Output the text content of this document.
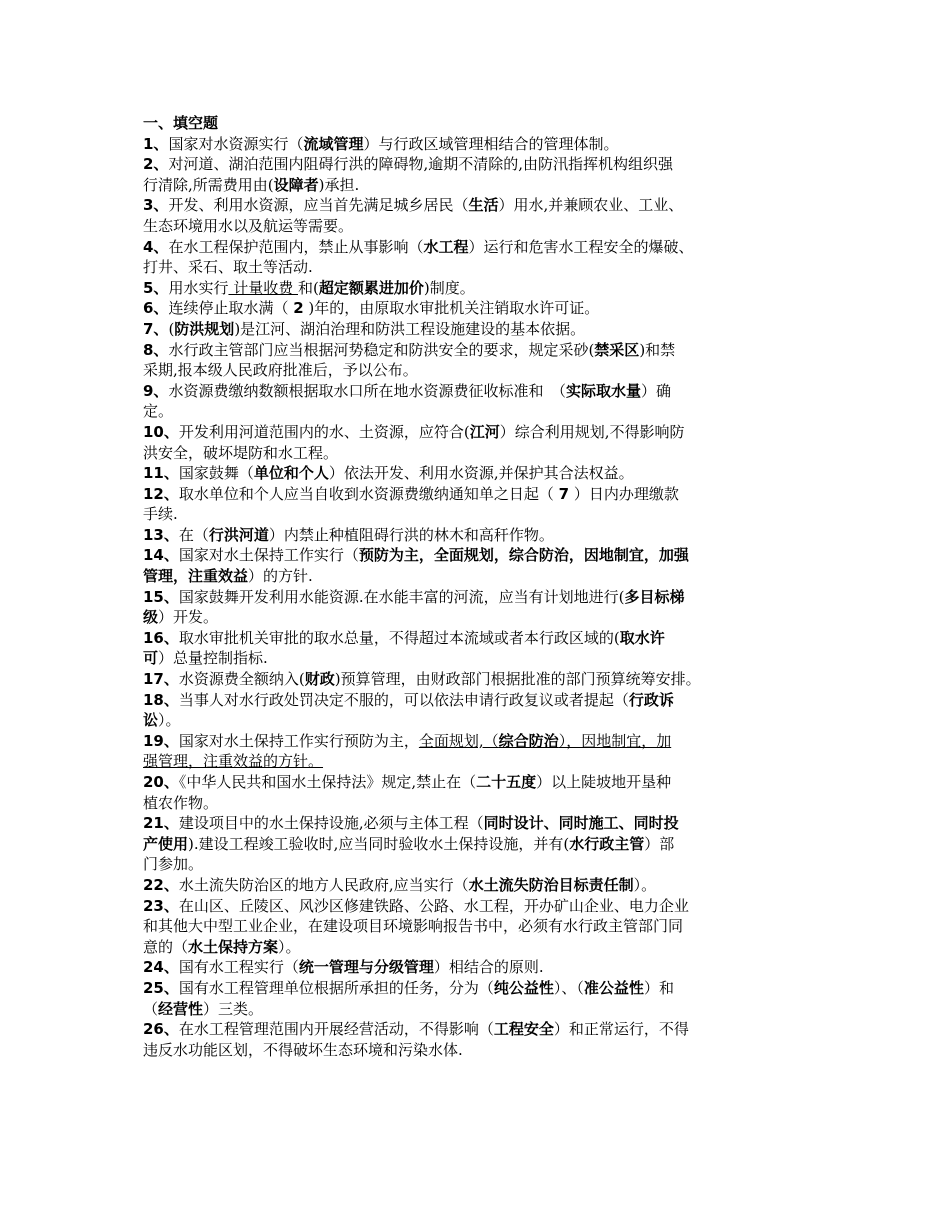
一、填空题
1、国家对水资源实行（流域管理）与行政区域管理相结合的管理体制。
2、对河道、湖泊范围内阻碍行洪的障碍物,逾期不清除的,由防汛指挥机构组织强
行清除,所需费用由(设障者)承担.
3、开发、利用水资源，应当首先满足城乡居民（生活）用水,并兼顾农业、工业、
生态环境用水以及航运等需要。
4、在水工程保护范围内，禁止从事影响（水工程）运行和危害水工程安全的爆破、
打井、采石、取土等活动.
5、用水实行 计量收费 和(超定额累进加价)制度。
6、连续停止取水满（ 2 )年的，由原取水审批机关注销取水许可证。
7、(防洪规划)是江河、湖泊治理和防洪工程设施建设的基本依据。
8、水行政主管部门应当根据河势稳定和防洪安全的要求，规定采砂(禁采区)和禁
采期,报本级人民政府批准后，予以公布。
9、水资源费缴纳数额根据取水口所在地水资源费征收标准和　（实际取水量）确
定。
10、开发利用河道范围内的水、土资源，应符合(江河）综合利用规划,不得影响防
洪安全，破坏堤防和水工程。
11、国家鼓舞（单位和个人）依法开发、利用水资源,并保护其合法权益。
12、取水单位和个人应当自收到水资源费缴纳通知单之日起（ 7 ）日内办理缴款
手续.
13、在（行洪河道）内禁止种植阻碍行洪的林木和高秆作物。
14、国家对水土保持工作实行（预防为主，全面规划，综合防治，因地制宜，加强
管理，注重效益）的方针.
15、国家鼓舞开发利用水能资源.在水能丰富的河流，应当有计划地进行(多目标梯
级）开发。
16、取水审批机关审批的取水总量，不得超过本流域或者本行政区域的(取水许
可）总量控制指标.
17、水资源费全额纳入(财政)预算管理，由财政部门根据批准的部门预算统筹安排。
18、当事人对水行政处罚决定不服的，可以依法申请行政复议或者提起（行政诉
讼）。
19、国家对水土保持工作实行预防为主，全面规划,（综合防治），因地制宜，加
强管理，注重效益的方针。
20、《中华人民共和国水土保持法》规定,禁止在（二十五度）以上陡坡地开垦种
植农作物。
21、建设项目中的水土保持设施,必须与主体工程（同时设计、同时施工、同时投
产使用).建设工程竣工验收时,应当同时验收水土保持设施，并有(水行政主管）部
门参加。
22、水土流失防治区的地方人民政府,应当实行（水土流失防治目标责任制）。
23、在山区、丘陵区、风沙区修建铁路、公路、水工程，开办矿山企业、电力企业
和其他大中型工业企业，在建设项目环境影响报告书中，必须有水行政主管部门同
意的（水土保持方案）。
24、国有水工程实行（统一管理与分级管理）相结合的原则.
25、国有水工程管理单位根据所承担的任务，分为（纯公益性）、（准公益性）和
（经营性）三类。
26、在水工程管理范围内开展经营活动，不得影响（工程安全）和正常运行，不得
违反水功能区划，不得破坏生态环境和污染水体.
